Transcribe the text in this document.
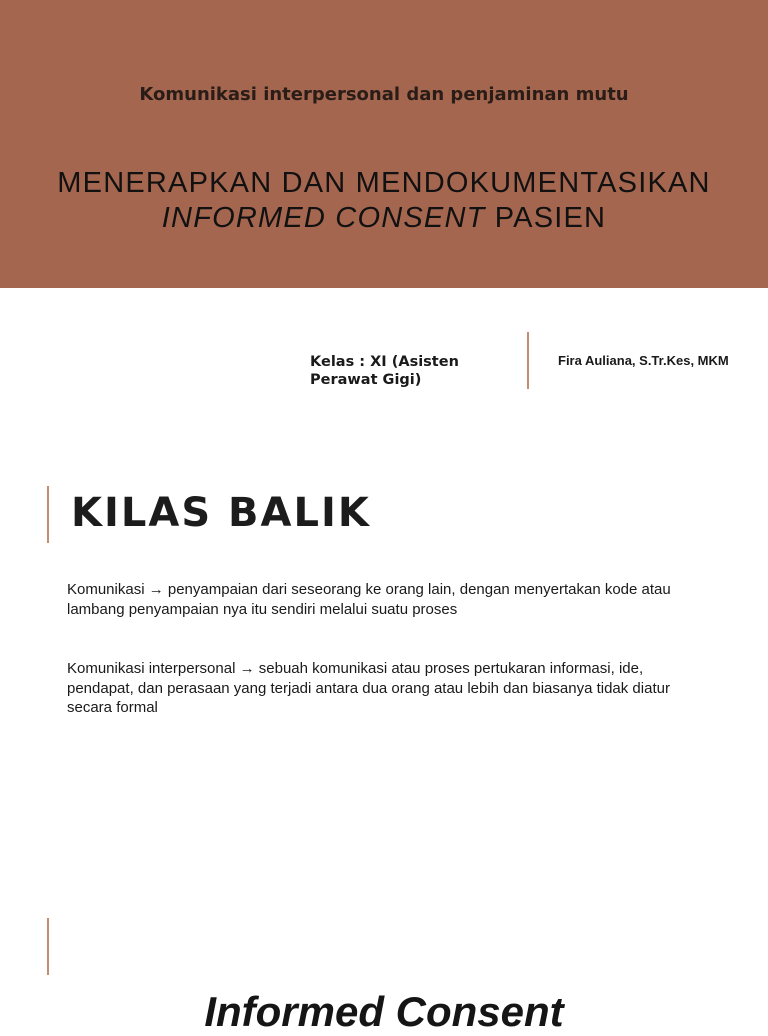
Komunikasi interpersonal dan penjaminan mutu
MENERAPKAN DAN MENDOKUMENTASIKAN
INFORMED CONSENT PASIEN
Kelas : XI (Asisten Perawat Gigi)
Fira Auliana, S.Tr.Kes, MKM
KILAS BALIK

Komunikasi → penyampaian dari seseorang ke orang lain, dengan menyertakan kode atau lambang penyampaian nya itu sendiri melalui suatu proses

Komunikasi interpersonal → sebuah komunikasi atau proses pertukaran informasi, ide, pendapat, dan perasaan yang terjadi antara dua orang atau lebih dan biasanya tidak diatur secara formal

Informed Consent
